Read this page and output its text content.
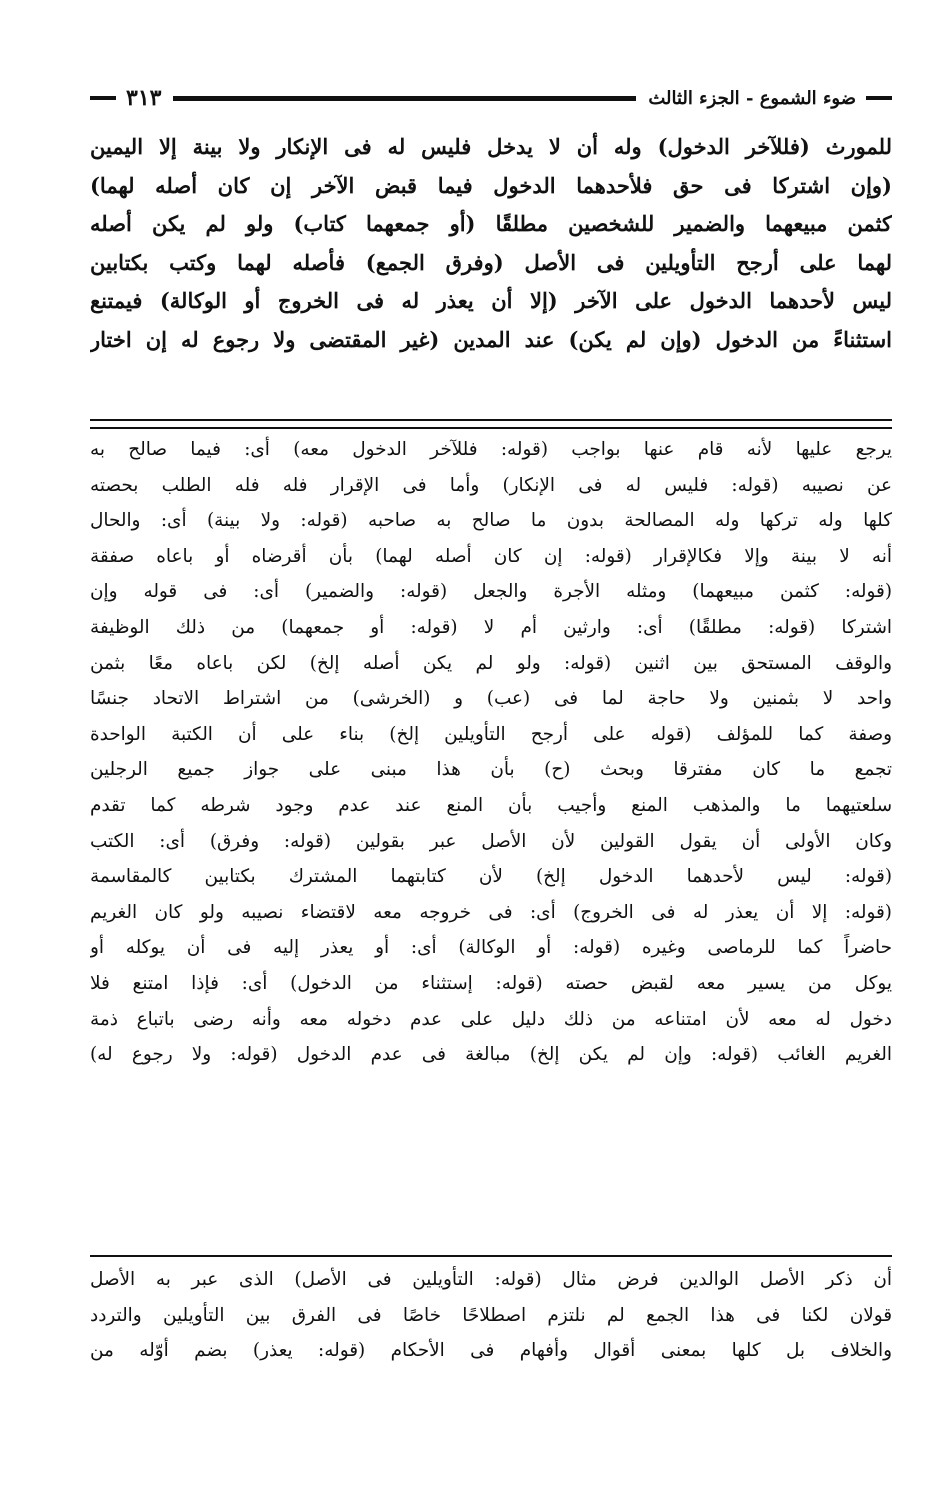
ضوء الشموع - الجزء الثالث
٣١٣

للمورث (فللآخر الدخول) وله أن لا يدخل فليس له فى الإنكار ولا بينة إلا اليمين

(وإن اشتركا فى حق فلأحدهما الدخول فيما قبض الآخر إن كان أصله لهما)

كثمن مبيعهما والضمير للشخصين مطلقًا (أو جمعهما كتاب) ولو لم يكن أصله

لهما على أرجح التأويلين فى الأصل (وفرق الجمع) فأصله لهما وكتب بكتابين

ليس لأحدهما الدخول على الآخر (إلا أن يعذر له فى الخروج أو الوكالة) فيمتنع

استثناءً من الدخول (وإن لم يكن) عند المدين (غير المقتضى ولا رجوع له إن اختار

يرجع عليها لأنه قام عنها بواجب (قوله: فللآخر الدخول معه) أى: فيما صالح به

عن نصيبه (قوله: فليس له فى الإنكار) وأما فى الإقرار فله فله الطلب بحصته

كلها وله تركها وله المصالحة بدون ما صالح به صاحبه (قوله: ولا بينة) أى: والحال

أنه لا بينة وإلا فكالإقرار (قوله: إن كان أصله لهما) بأن أقرضاه أو باعاه صفقة

(قوله: كثمن مبيعهما) ومثله الأجرة والجعل (قوله: والضمير) أى: فى قوله وإن

اشتركا (قوله: مطلقًا) أى: وارثين أم لا (قوله: أو جمعهما) من ذلك الوظيفة

والوقف المستحق بين اثنين (قوله: ولو لم يكن أصله إلخ) لكن باعاه معًا بثمن

واحد لا بثمنين ولا حاجة لما فى (عب) و (الخرشى) من اشتراط الاتحاد جنسًا

وصفة كما للمؤلف (قوله على أرجح التأويلين إلخ) بناء على أن الكتبة الواحدة

تجمع ما كان مفترقا وبحث (ح) بأن هذا مبنى على جواز جميع الرجلين

سلعتيهما ما والمذهب المنع وأجيب بأن المنع عند عدم وجود شرطه كما تقدم

وكان الأولى أن يقول القولين لأن الأصل عبر بقولين (قوله: وفرق) أى: الكتب

(قوله: ليس لأحدهما الدخول إلخ) لأن كتابتهما المشترك بكتابين كالمقاسمة

(قوله: إلا أن يعذر له فى الخروج) أى: فى خروجه معه لاقتضاء نصيبه ولو كان الغريم

حاضراً كما للرماصى وغيره (قوله: أو الوكالة) أى: أو يعذر إليه فى أن يوكله أو

يوكل من يسير معه لقبض حصته (قوله: إستثناء من الدخول) أى: فإذا امتنع فلا

دخول له معه لأن امتناعه من ذلك دليل على عدم دخوله معه وأنه رضى باتباع ذمة

الغريم الغائب (قوله: وإن لم يكن إلخ) مبالغة فى عدم الدخول (قوله: ولا رجوع له)

أن ذكر الأصل الوالدين فرض مثال (قوله: التأويلين فى الأصل) الذى عبر به الأصل

قولان لكنا فى هذا الجمع لم نلتزم اصطلاحًا خاصًا فى الفرق بين التأويلين والتردد

والخلاف بل كلها بمعنى أقوال وأفهام فى الأحكام (قوله: يعذر) بضم أوّله من
